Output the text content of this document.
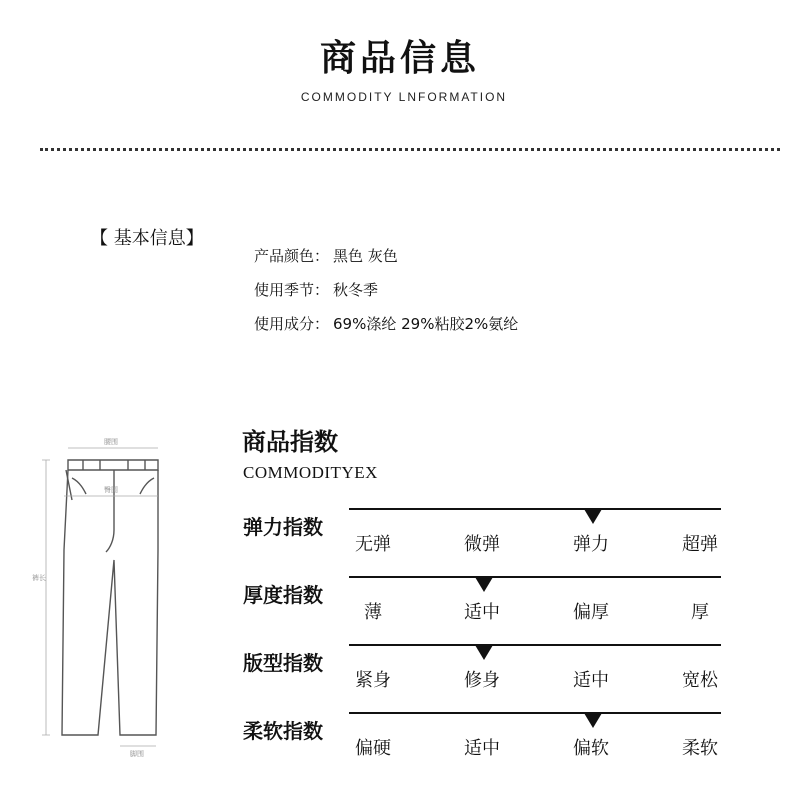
商品信息
COMMODITY LNFORMATION
【 基本信息】
产品颜色： 黑色 灰色
使用季节： 秋冬季
使用成分： 69%涤纶 29%粘胶2%氨纶
腰围
臀围
裤长
脚围
商品指数
COMMODITYEX
弹力指数
无弹	微弹	弹力	超弹
厚度指数
薄	适中	偏厚	厚
版型指数
紧身	修身	适中	宽松
柔软指数
偏硬	适中	偏软	柔软
